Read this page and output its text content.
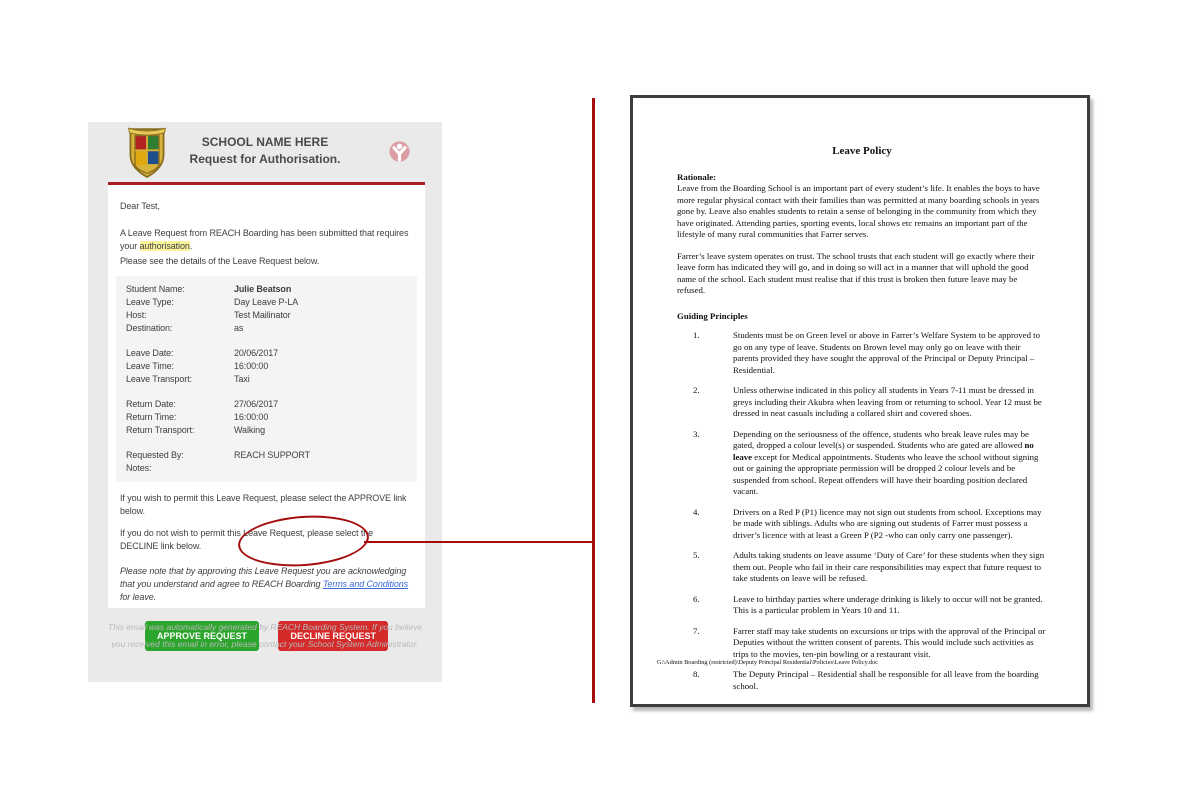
SCHOOL NAME HERE
Request for Authorisation.

Dear Test,

A Leave Request from REACH Boarding has been submitted that requires your authorisation.

Please see the details of the Leave Request below.

Student Name:	Julie Beatson
Leave Type:	Day Leave P-LA
Host:	Test Mailinator
Destination:	as
Leave Date:	20/06/2017
Leave Time:	16:00:00
Leave Transport:	Taxi
Return Date:	27/06/2017
Return Time:	16:00:00
Return Transport:	Walking
Requested By:	REACH SUPPORT
Notes:

If you wish to permit this Leave Request, please select the APPROVE link below.

If you do not wish to permit this Leave Request, please select the DECLINE link below.

Please note that by approving this Leave Request you are acknowledging that you understand and agree to REACH Boarding Terms and Conditions for leave.

APPROVE REQUEST	DECLINE REQUEST
This email was automatically generated by REACH Boarding System. If you believe
you received this email in error, please contact your School System Administrator.
Leave Policy
Rationale:

Leave from the Boarding School is an important part of every student’s life. It enables the boys to have more regular physical contact with their families than was permitted at many boarding schools in years gone by. Leave also enables students to retain a sense of belonging in the community from which they have originated. Attending parties, sporting events, local shows etc remains an important part of the lifestyle of many rural communities that Farrer serves.

Farrer’s leave system operates on trust. The school trusts that each student will go exactly where their leave form has indicated they will go, and in doing so will act in a manner that will uphold the good name of the school. Each student must realise that if this trust is broken then future leave may be refused.

Guiding Principles
1.	Students must be on Green level or above in Farrer’s Welfare System to be approved to go on any type of leave. Students on Brown level may only go on leave with their parents provided they have sought the approval of the Principal or Deputy Principal – Residential.
2.	Unless otherwise indicated in this policy all students in Years 7-11 must be dressed in greys including their Akubra when leaving from or returning to school. Year 12 must be dressed in neat casuals including a collared shirt and covered shoes.
3.	Depending on the seriousness of the offence, students who break leave rules may be gated, dropped a colour level(s) or suspended. Students who are gated are allowed no leave except for Medical appointments. Students who leave the school without signing out or gaining the appropriate permission will be dropped 2 colour levels and be suspended from school. Repeat offenders will have their boarding position declared vacant.
4.	Drivers on a Red P (P1) licence may not sign out students from school. Exceptions may be made with siblings. Adults who are signing out students of Farrer must possess a driver’s licence with at least a Green P (P2 -who can only carry one passenger).
5.	Adults taking students on leave assume ‘Duty of Care’ for these students when they sign them out. People who fail in their care responsibilities may expect that future request to take students on leave will be refused.
6.	Leave to birthday parties where underage drinking is likely to occur will not be granted. This is a particular problem in Years 10 and 11.
7.	Farrer staff may take students on excursions or trips with the approval of the Principal or Deputies without the written consent of parents. This would include such activities as trips to the movies, ten-pin bowling or a restaurant visit.
8.	The Deputy Principal – Residential shall be responsible for all leave from the boarding school.
G:\Admin Boarding (restricted)\Deputy Principal Residential\Policies\Leave Policy.doc
